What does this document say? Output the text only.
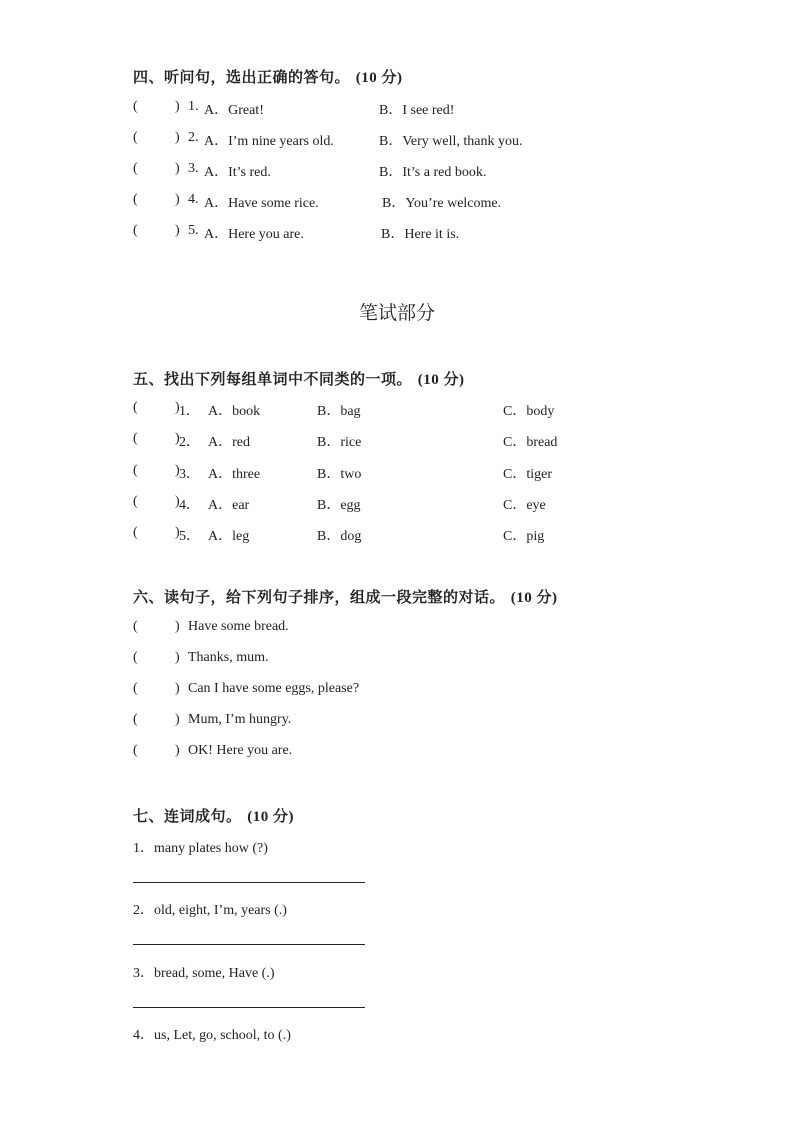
四、听问句，选出正确的答句。 (10 分)
(	) 1. A．Great!	B．I see red!
(	) 2. A．I’m nine years old.	B．Very well, thank you.
(	) 3. A．It’s red.	B．It’s a red book.
(	) 4. A．Have some rice.	B．You’re welcome.
(	) 5. A．Here you are.	B．Here it is.
笔试部分
五、找出下列每组单词中不同类的一项。 (10 分)
(	) 1． A．book	B．bag	C．body
(	) 2． A．red	B．rice	C．bread
(	) 3． A．three	B．two	C．tiger
(	) 4． A．ear	B．egg	C．eye
(	) 5． A．leg	B．dog	C．pig
六、读句子，给下列句子排序，组成一段完整的对话。 (10 分)
(	) Have some bread.
(	) Thanks, mum.
(	) Can I have some eggs, please?
(	) Mum, I’m hungry.
(	) OK! Here you are.
七、连词成句。 (10 分)
1．many plates how (?)
2．old, eight, I’m, years (.)
3．bread, some, Have (.)
4．us, Let, go, school, to (.)
